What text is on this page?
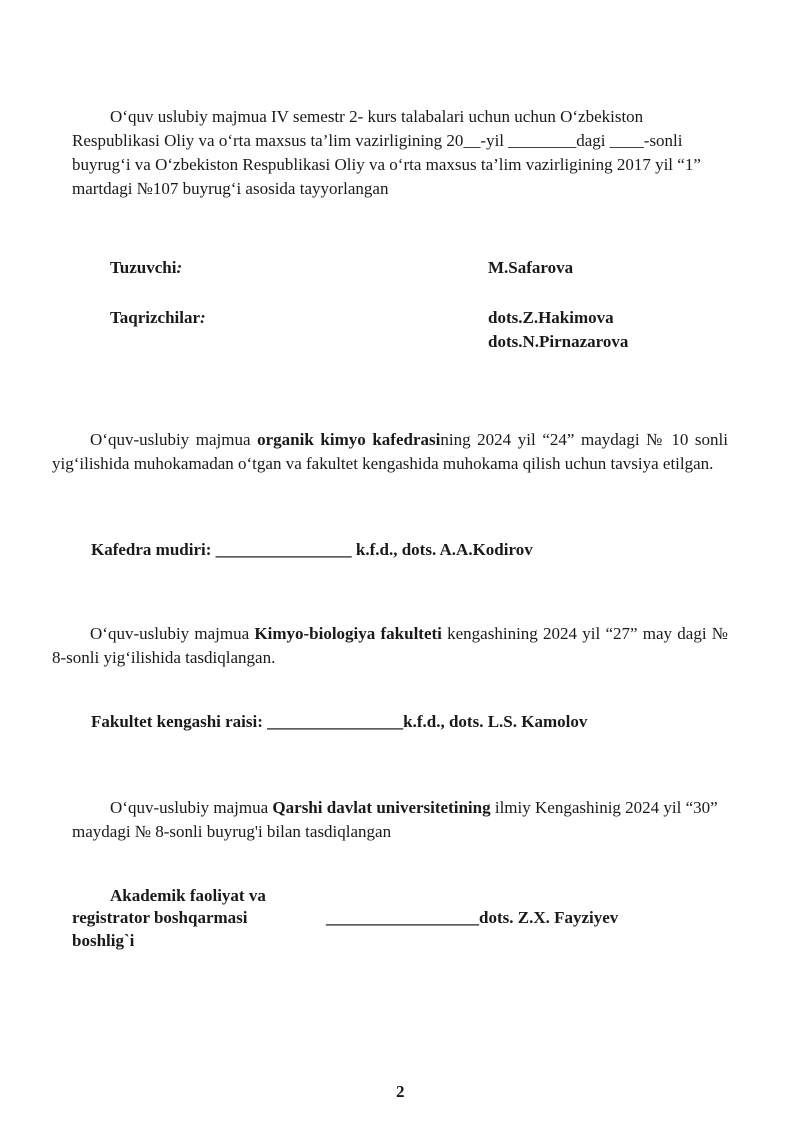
O‘quv uslubiy majmua IV semestr 2- kurs talabalari uchun uchun O‘zbekiston Respublikasi Oliy va o‘rta maxsus ta’lim vazirligining 20__-yil ________dagi ____-sonli buyrug‘i va O‘zbekiston Respublikasi Oliy va o‘rta maxsus ta’lim vazirligining 2017 yil “1” martdagi №107 buyrug‘i asosida tayyorlangan
Tuzuvchi:	M.Safarova
Taqrizchilar:	dots.Z.Hakimova
dots.N.Pirnazarova
O‘quv-uslubiy majmua organik kimyo kafedrasining 2024 yil “24” maydagi № 10 sonli yig‘ilishida muhokamadan o‘tgan va fakultet kengashida muhokama qilish uchun tavsiya etilgan.
Kafedra mudiri: ________________ k.f.d., dots. A.A.Kodirov
O‘quv-uslubiy majmua Kimyo-biologiya fakulteti kengashining 2024 yil “27” may dagi № 8-sonli yig‘ilishida tasdiqlangan.
Fakultet kengashi raisi: ________________k.f.d., dots. L.S. Kamolov
O‘quv-uslubiy majmua Qarshi davlat universitetining ilmiy Kengashinig 2024 yil “30” maydagi № 8-sonli buyrug'i bilan tasdiqlangan
Akademik faoliyat va
registrator boshqarmasi
boshlig`i
__________________dots. Z.X. Fayziyev
2
